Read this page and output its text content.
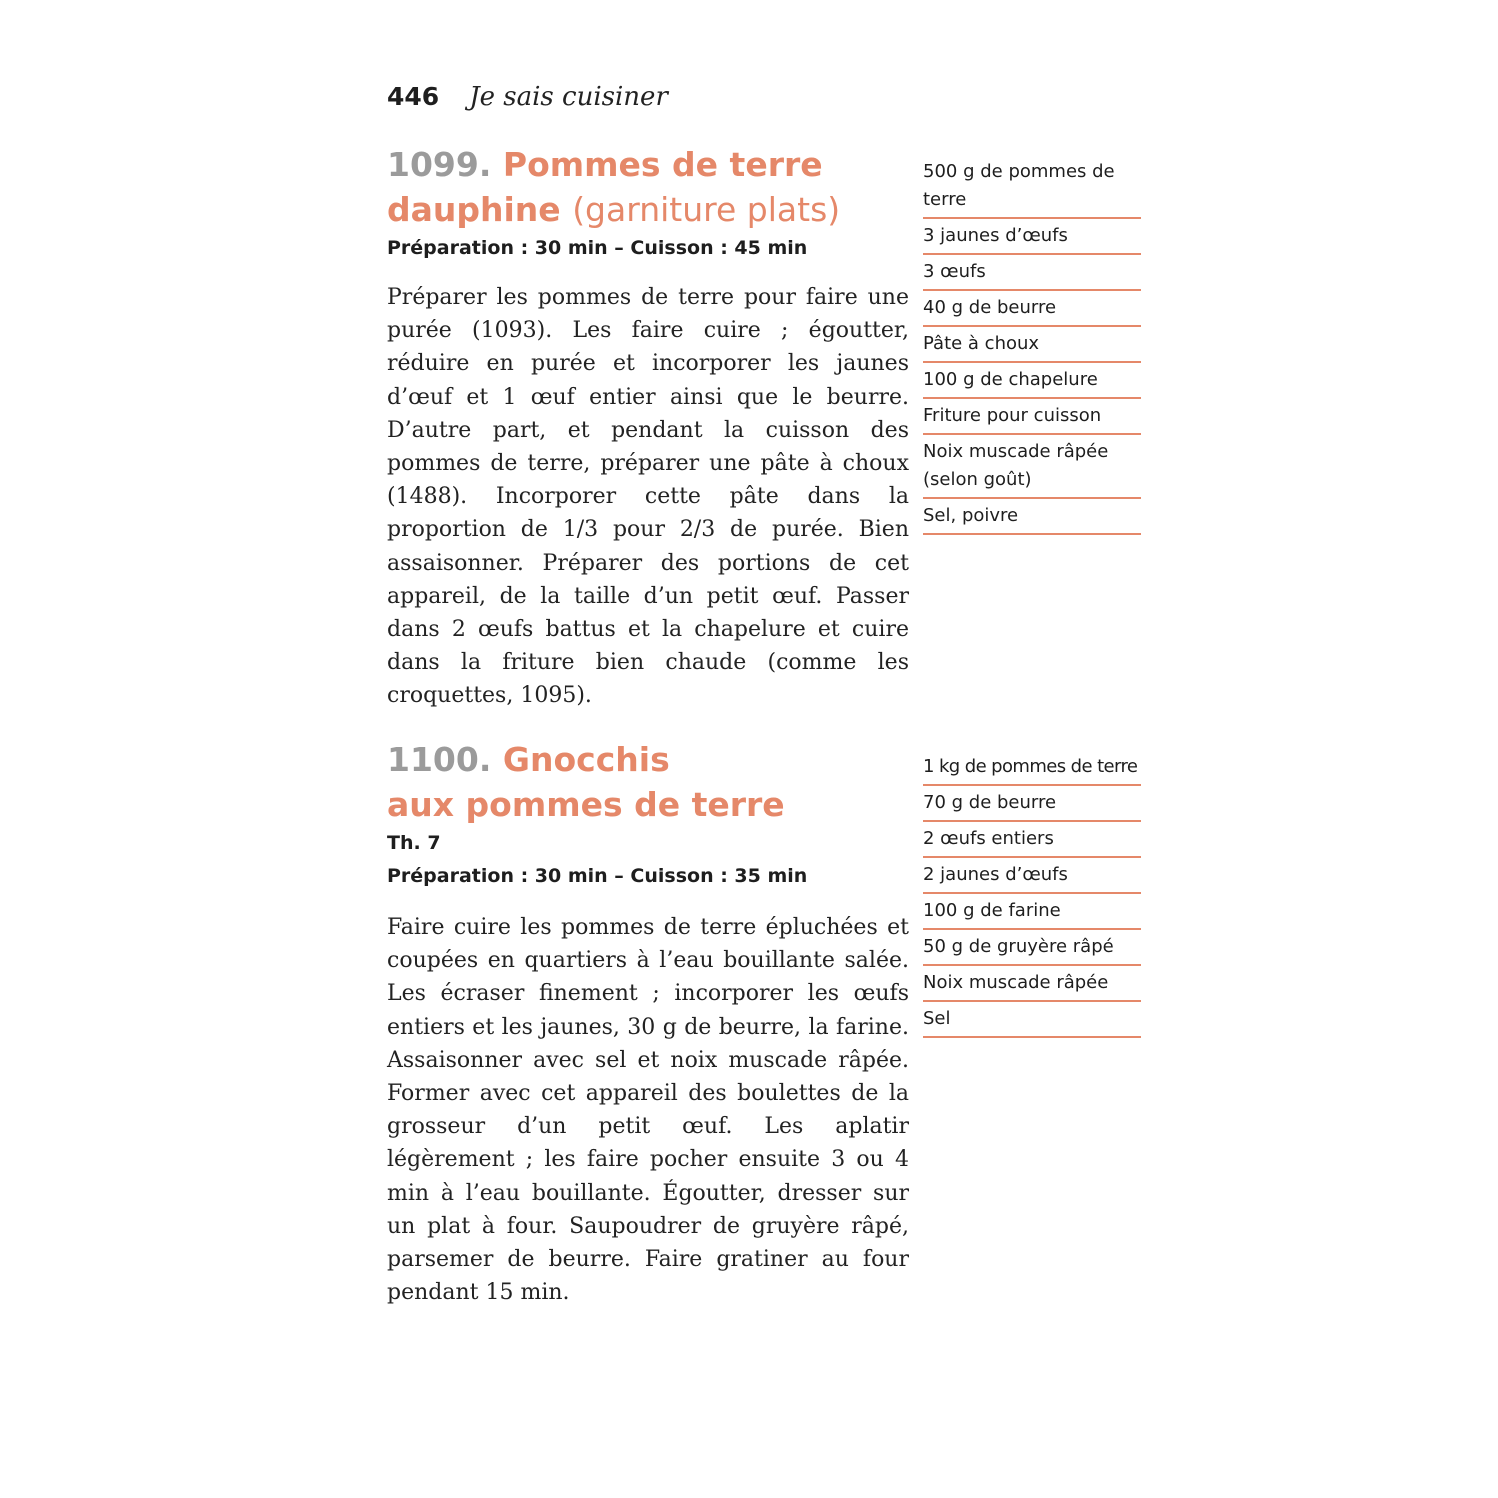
446 Je sais cuisiner
1099. Pommes de terre
dauphine (garniture plats)

Préparation : 30 min – Cuisson : 45 min

Préparer les pommes de terre pour faire une purée (1093). Les faire cuire ; égoutter, réduire en purée et incorporer les jaunes d’œuf et 1 œuf entier ainsi que le beurre. D’autre part, et pendant la cuisson des pommes de terre, préparer une pâte à choux (1488). Incorporer cette pâte dans la proportion de 1/3 pour 2/3 de purée. Bien assaisonner. Préparer des portions de cet appareil, de la taille d’un petit œuf. Passer dans 2 œufs battus et la chapelure et cuire dans la friture bien chaude (comme les croquettes, 1095).

500 g de pommes de terre
3 jaunes d’œufs
3 œufs
40 g de beurre
Pâte à choux
100 g de chapelure
Friture pour cuisson
Noix muscade râpée (selon goût)
Sel, poivre
1100. Gnocchis
aux pommes de terre

Th. 7

Préparation : 30 min – Cuisson : 35 min

Faire cuire les pommes de terre épluchées et coupées en quartiers à l’eau bouillante salée. Les écraser finement ; incorporer les œufs entiers et les jaunes, 30 g de beurre, la farine. Assaisonner avec sel et noix muscade râpée. Former avec cet appareil des boulettes de la grosseur d’un petit œuf. Les aplatir légèrement ; les faire pocher ensuite 3 ou 4 min à l’eau bouillante. Égoutter, dresser sur un plat à four. Saupoudrer de gruyère râpé, parsemer de beurre. Faire gratiner au four pendant 15 min.

1 kg de pommes de terre
70 g de beurre
2 œufs entiers
2 jaunes d’œufs
100 g de farine
50 g de gruyère râpé
Noix muscade râpée
Sel
